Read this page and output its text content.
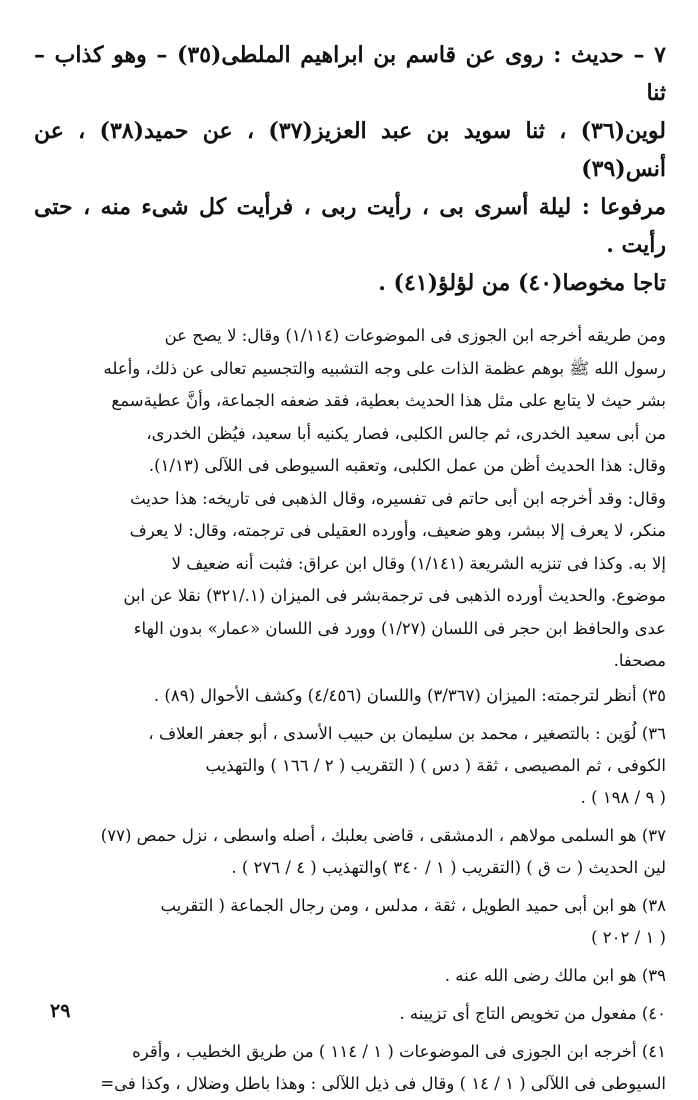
٧ – حديث : روى عن قاسم بن ابراهيم الملطى(٣٥) – وهو كذاب – ثنا

لوين(٣٦) ، ثنا سويد بن عبد العزيز(٣٧) ، عن حميد(٣٨) ، عن أنس(٣٩)

مرفوعا : ليلة أسرى بى ، رأيت ربى ، فرأيت كل شىء منه ، حتى رأيت .

تاجا مخوصا(٤٠) من لؤلؤ(٤١) .

ومن طريقه أخرجه ابن الجوزى فى الموضوعات (١/١١٤) وقال: لا يصح عن

رسول الله ﷺ بوهم عظمة الذات على وجه التشبيه والتجسيم تعالى عن ذلك، وأعله

بشر حيث لا يتابع على مثل هذا الحديث بعطية، فقد ضعفه الجماعة، وأنَّ عطيةسمع

من أبى سعيد الخدرى، ثم جالس الكلبى، فصار يكنيه أبا سعيد، فيُظن الخدرى،

وقال: هذا الحديث أظن من عمل الكلبى، وتعقبه السيوطى فى اللآلى (١/١٣).

وقال: وقد أخرجه ابن أبى حاتم فى تفسيره، وقال الذهبى فى تاريخه: هذا حديث

منكر، لا يعرف إلا ببشر، وهو ضعيف، وأورده العقيلى فى ترجمته، وقال: لا يعرف

إلا به. وكذا فى تنزيه الشريعة (١/١٤١) وقال ابن عراق: فثبت أنه ضعيف لا

موضوع. والحديث أورده الذهبى فى ترجمةبشر فى الميزان (١./٣٢١) نقلا عن ابن

عدى والحافظ ابن حجر فى اللسان (١/٢٧) وورد فى اللسان «عمار» بدون الهاء

مصحفا.

٣٥) أنظر لترجمته: الميزان (٣/٣٦٧) واللسان (٤/٤٥٦) وكشف الأحوال (٨٩) .
٣٦) لُوَين : بالتصغير ، محمد بن سليمان بن حبيب الأسدى ، أبو جعفر العلاف ،
الكوفى ، ثم المصيصى ، ثقة ( دس ) ( التقريب ( ٢ / ١٦٦ ) والتهذيب
( ٩ / ١٩٨ ) .
٣٧) هو السلمى مولاهم ، الدمشقى ، قاضى بعلبك ، أصله واسطى ، نزل حمص (٧٧)
لين الحديث ( ت ق ) (التقريب ( ١ / ٣٤٠ )والتهذيب ( ٤ / ٢٧٦ ) .
٣٨) هو ابن أبى حميد الطويل ، ثقة ، مدلس ، ومن رجال الجماعة ( التقريب
( ١ / ٢٠٢ )
٣٩) هو ابن مالك رضى الله عنه .
٤٠) مفعول من تخويص التاج أى تزيينه .
٤١) أخرجه ابن الجوزى فى الموضوعات ( ١ / ١١٤ ) من طريق الخطيب ، وأقره
السيوطى فى اللآلى ( ١ / ١٤ ) وقال فى ذيل اللآلى : وهذا باطل وضلال ، وكذا فى=
٢٩
